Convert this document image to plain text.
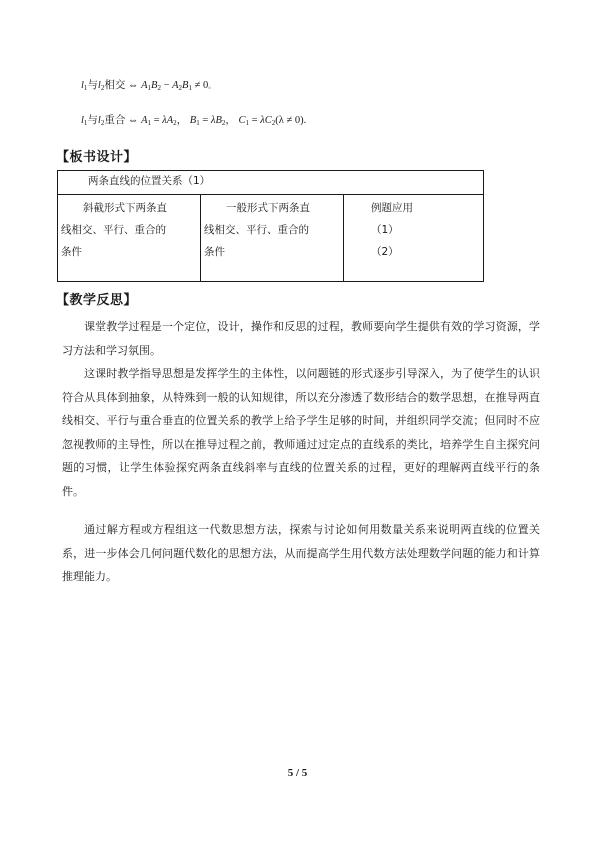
$l_1$与$l_2$相交 ⇔ $A_1B_2 - A_2B_1 \ne 0$。
$l_1$与$l_2$重合 ⇔ $A_1 = \lambda A_2$， $B_1 = \lambda B_2$， $C_1 = \lambda C_2(\lambda \ne 0)$.
【板书设计】
两条直线的位置关系（1）

斜截形式下两条直
线相交、平行、重合的
条件

一般形式下两条直
线相交、平行、重合的
条件

例题应用
（1）
（2）
【教学反思】

课堂教学过程是一个定位，设计，操作和反思的过程，教师要向学生提供有效的学习资源，学习方法和学习氛围。

这课时教学指导思想是发挥学生的主体性，以问题链的形式逐步引导深入，为了使学生的认识符合从具体到抽象，从特殊到一般的认知规律，所以充分渗透了数形结合的数学思想，在推导两直线相交、平行与重合垂直的位置关系的教学上给予学生足够的时间，并组织同学交流；但同时不应忽视教师的主导性，所以在推导过程之前，教师通过过定点的直线系的类比，培养学生自主探究问题的习惯，让学生体验探究两条直线斜率与直线的位置关系的过程，更好的理解两直线平行的条件。

通过解方程或方程组这一代数思想方法，探索与讨论如何用数量关系来说明两直线的位置关系，进一步体会几何问题代数化的思想方法，从而提高学生用代数方法处理数学问题的能力和计算推理能力。

5 / 5
